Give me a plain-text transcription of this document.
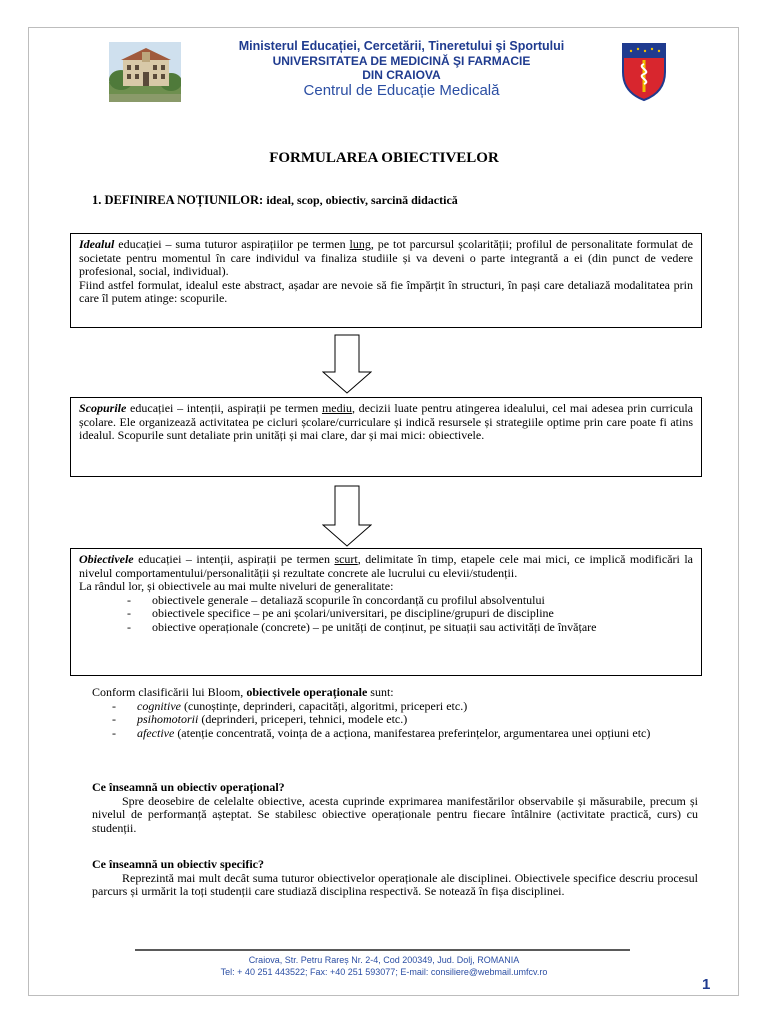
Ministerul Educației, Cercetării, Tineretului şi Sportului
UNIVERSITATEA DE MEDICINĂ ŞI FARMACIE
DIN CRAIOVA
Centrul de Educație Medicală
FORMULAREA OBIECTIVELOR
1. DEFINIREA NOȚIUNILOR: ideal, scop, obiectiv, sarcină didactică

Idealul educației – suma tuturor aspirațiilor pe termen lung, pe tot parcursul școlarității; profilul de personalitate formulat de societate pentru momentul în care individul va finaliza studiile și va deveni o parte integrantă a ei (din punct de vedere profesional, social, individual).

Fiind astfel formulat, idealul este abstract, așadar are nevoie să fie împărțit în structuri, în pași care detaliază modalitatea prin care îl putem atinge: scopurile.

Scopurile educației – intenții, aspirații pe termen mediu, decizii luate pentru atingerea idealului, cel mai adesea prin curricula școlare. Ele organizează activitatea pe cicluri școlare/curriculare și indică resursele și strategiile optime prin care poate fi atins idealul. Scopurile sunt detaliate prin unități și mai clare, dar și mai mici: obiectivele.

Obiectivele educației – intenții, aspirații pe termen scurt, delimitate în timp, etapele cele mai mici, ce implică modificări la nivelul comportamentului/personalității și rezultate concrete ale lucrului cu elevii/studenții.

La rândul lor, și obiectivele au mai multe niveluri de generalitate:

- obiectivele generale – detaliază scopurile în concordanță cu profilul absolventului
- obiectivele specifice – pe ani școlari/universitari, pe discipline/grupuri de discipline
- obiective operaționale (concrete) – pe unități de conținut, pe situații sau activități de învățare

Conform clasificării lui Bloom, obiectivele operaționale sunt:

- cognitive (cunoștințe, deprinderi, capacități, algoritmi, priceperi etc.)
- psihomotorii (deprinderi, priceperi, tehnici, modele etc.)
- afective (atenție concentrată, voința de a acționa, manifestarea preferințelor, argumentarea unei opțiuni etc)

Ce înseamnă un obiectiv operațional?

Spre deosebire de celelalte obiective, acesta cuprinde exprimarea manifestărilor observabile și măsurabile, precum și nivelul de performanță așteptat. Se stabilesc obiective operaționale pentru fiecare întâlnire (activitate practică, curs) cu studenții.

Ce înseamnă un obiectiv specific?

Reprezintă mai mult decât suma tuturor obiectivelor operaționale ale disciplinei. Obiectivele specifice descriu procesul parcurs și urmărit la toți studenții care studiază disciplina respectivă. Se notează în fișa disciplinei.

Craiova, Str. Petru Rareș Nr. 2-4, Cod 200349, Jud. Dolj, ROMANIA
Tel: + 40 251 443522; Fax: +40 251 593077; E-mail: consiliere@webmail.umfcv.ro
1
